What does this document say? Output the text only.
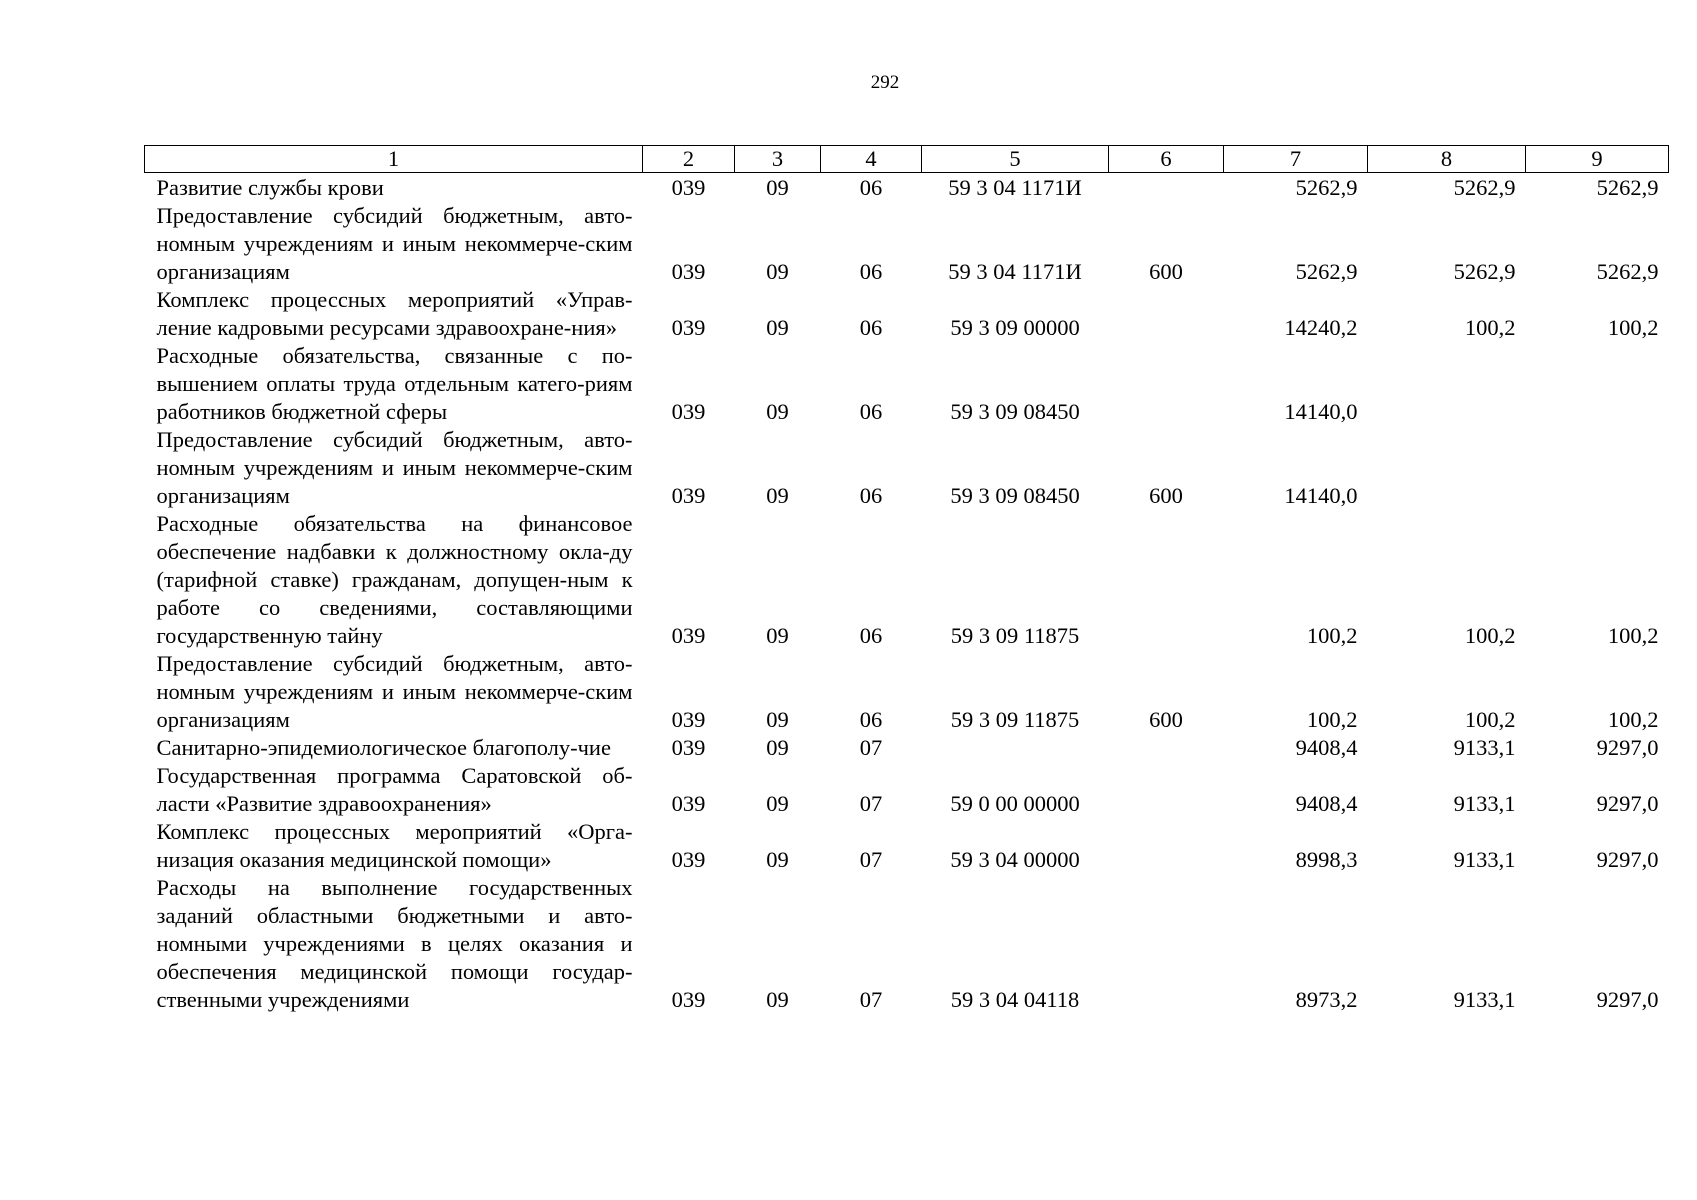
292
1	2	3	4	5	6	7	8	9
Развитие службы крови	039	09	06	59 3 04 1171И		5262,9	5262,9	5262,9
Предоставление субсидий бюджетным, авто-номным учреждениям и иным некоммерче-ским организациям	039	09	06	59 3 04 1171И	600	5262,9	5262,9	5262,9
Комплекс процессных мероприятий «Управ-ление кадровыми ресурсами здравоохране-ния»	039	09	06	59 3 09 00000		14240,2	100,2	100,2
Расходные обязательства, связанные с по-вышением оплаты труда отдельным катего-риям работников бюджетной сферы	039	09	06	59 3 09 08450		14140,0		
Предоставление субсидий бюджетным, авто-номным учреждениям и иным некоммерче-ским организациям	039	09	06	59 3 09 08450	600	14140,0		
Расходные обязательства на финансовое обеспечение надбавки к должностному окла-ду (тарифной ставке) гражданам, допущен-ным к работе со сведениями, составляющими государственную тайну	039	09	06	59 3 09 11875		100,2	100,2	100,2
Предоставление субсидий бюджетным, авто-номным учреждениям и иным некоммерче-ским организациям	039	09	06	59 3 09 11875	600	100,2	100,2	100,2
Санитарно-эпидемиологическое благополу-чие	039	09	07			9408,4	9133,1	9297,0
Государственная программа Саратовской об-ласти «Развитие здравоохранения»	039	09	07	59 0 00 00000		9408,4	9133,1	9297,0
Комплекс процессных мероприятий «Орга-низация оказания медицинской помощи»	039	09	07	59 3 04 00000		8998,3	9133,1	9297,0
Расходы на выполнение государственных заданий областными бюджетными и авто-номными учреждениями в целях оказания и обеспечения медицинской помощи государ-ственными учреждениями	039	09	07	59 3 04 04118		8973,2	9133,1	9297,0
